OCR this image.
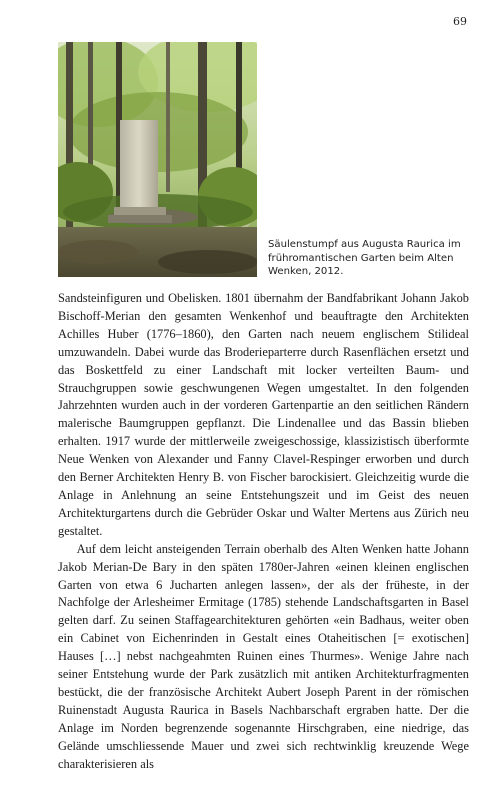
69
Säulenstumpf aus Augusta Raurica im frühromantischen Garten beim Alten Wenken, 2012.

Sandsteinfiguren und Obelisken. 1801 übernahm der Bandfabrikant Johann Jakob Bischoff-Merian den gesamten Wenkenhof und beauftragte den Architekten Achilles Huber (1776–1860), den Garten nach neuem englischem Stilideal umzuwandeln. Dabei wurde das Broderieparterre durch Rasenflächen ersetzt und das Boskettfeld zu einer Landschaft mit locker verteilten Baum- und Strauchgruppen sowie geschwungenen Wegen umgestaltet. In den folgenden Jahrzehnten wurden auch in der vorderen Gartenpartie an den seitlichen Rändern malerische Baumgruppen gepflanzt. Die Lindenallee und das Bassin blieben erhalten. 1917 wurde der mittlerweile zweigeschossige, klassizistisch überformte Neue Wenken von Alexander und Fanny Clavel-Respinger erworben und durch den Berner Architekten Henry B. von Fischer barockisiert. Gleichzeitig wurde die Anlage in Anlehnung an seine Entstehungszeit und im Geist des neuen Architekturgartens durch die Gebrüder Oskar und Walter Mertens aus Zürich neu gestaltet.

Auf dem leicht ansteigenden Terrain oberhalb des Alten Wenken hatte Johann Jakob Merian-De Bary in den späten 1780er-Jahren «einen kleinen englischen Garten von etwa 6 Jucharten anlegen lassen», der als der früheste, in der Nachfolge der Arlesheimer Ermitage (1785) stehende Landschaftsgarten in Basel gelten darf. Zu seinen Staffagearchitekturen gehörten «ein Badhaus, weiter oben ein Cabinet von Eichenrinden in Gestalt eines Otaheitischen [= exotischen] Hauses […] nebst nachgeahmten Ruinen eines Thurmes». Wenige Jahre nach seiner Entstehung wurde der Park zusätzlich mit antiken Architekturfragmenten bestückt, die der französische Architekt Aubert Joseph Parent in der römischen Ruinenstadt Augusta Raurica in Basels Nachbarschaft ergraben hatte. Der die Anlage im Norden begrenzende sogenannte Hirschgraben, eine niedrige, das Gelände umschliessende Mauer und zwei sich rechtwinklig kreuzende Wege charakterisieren als
